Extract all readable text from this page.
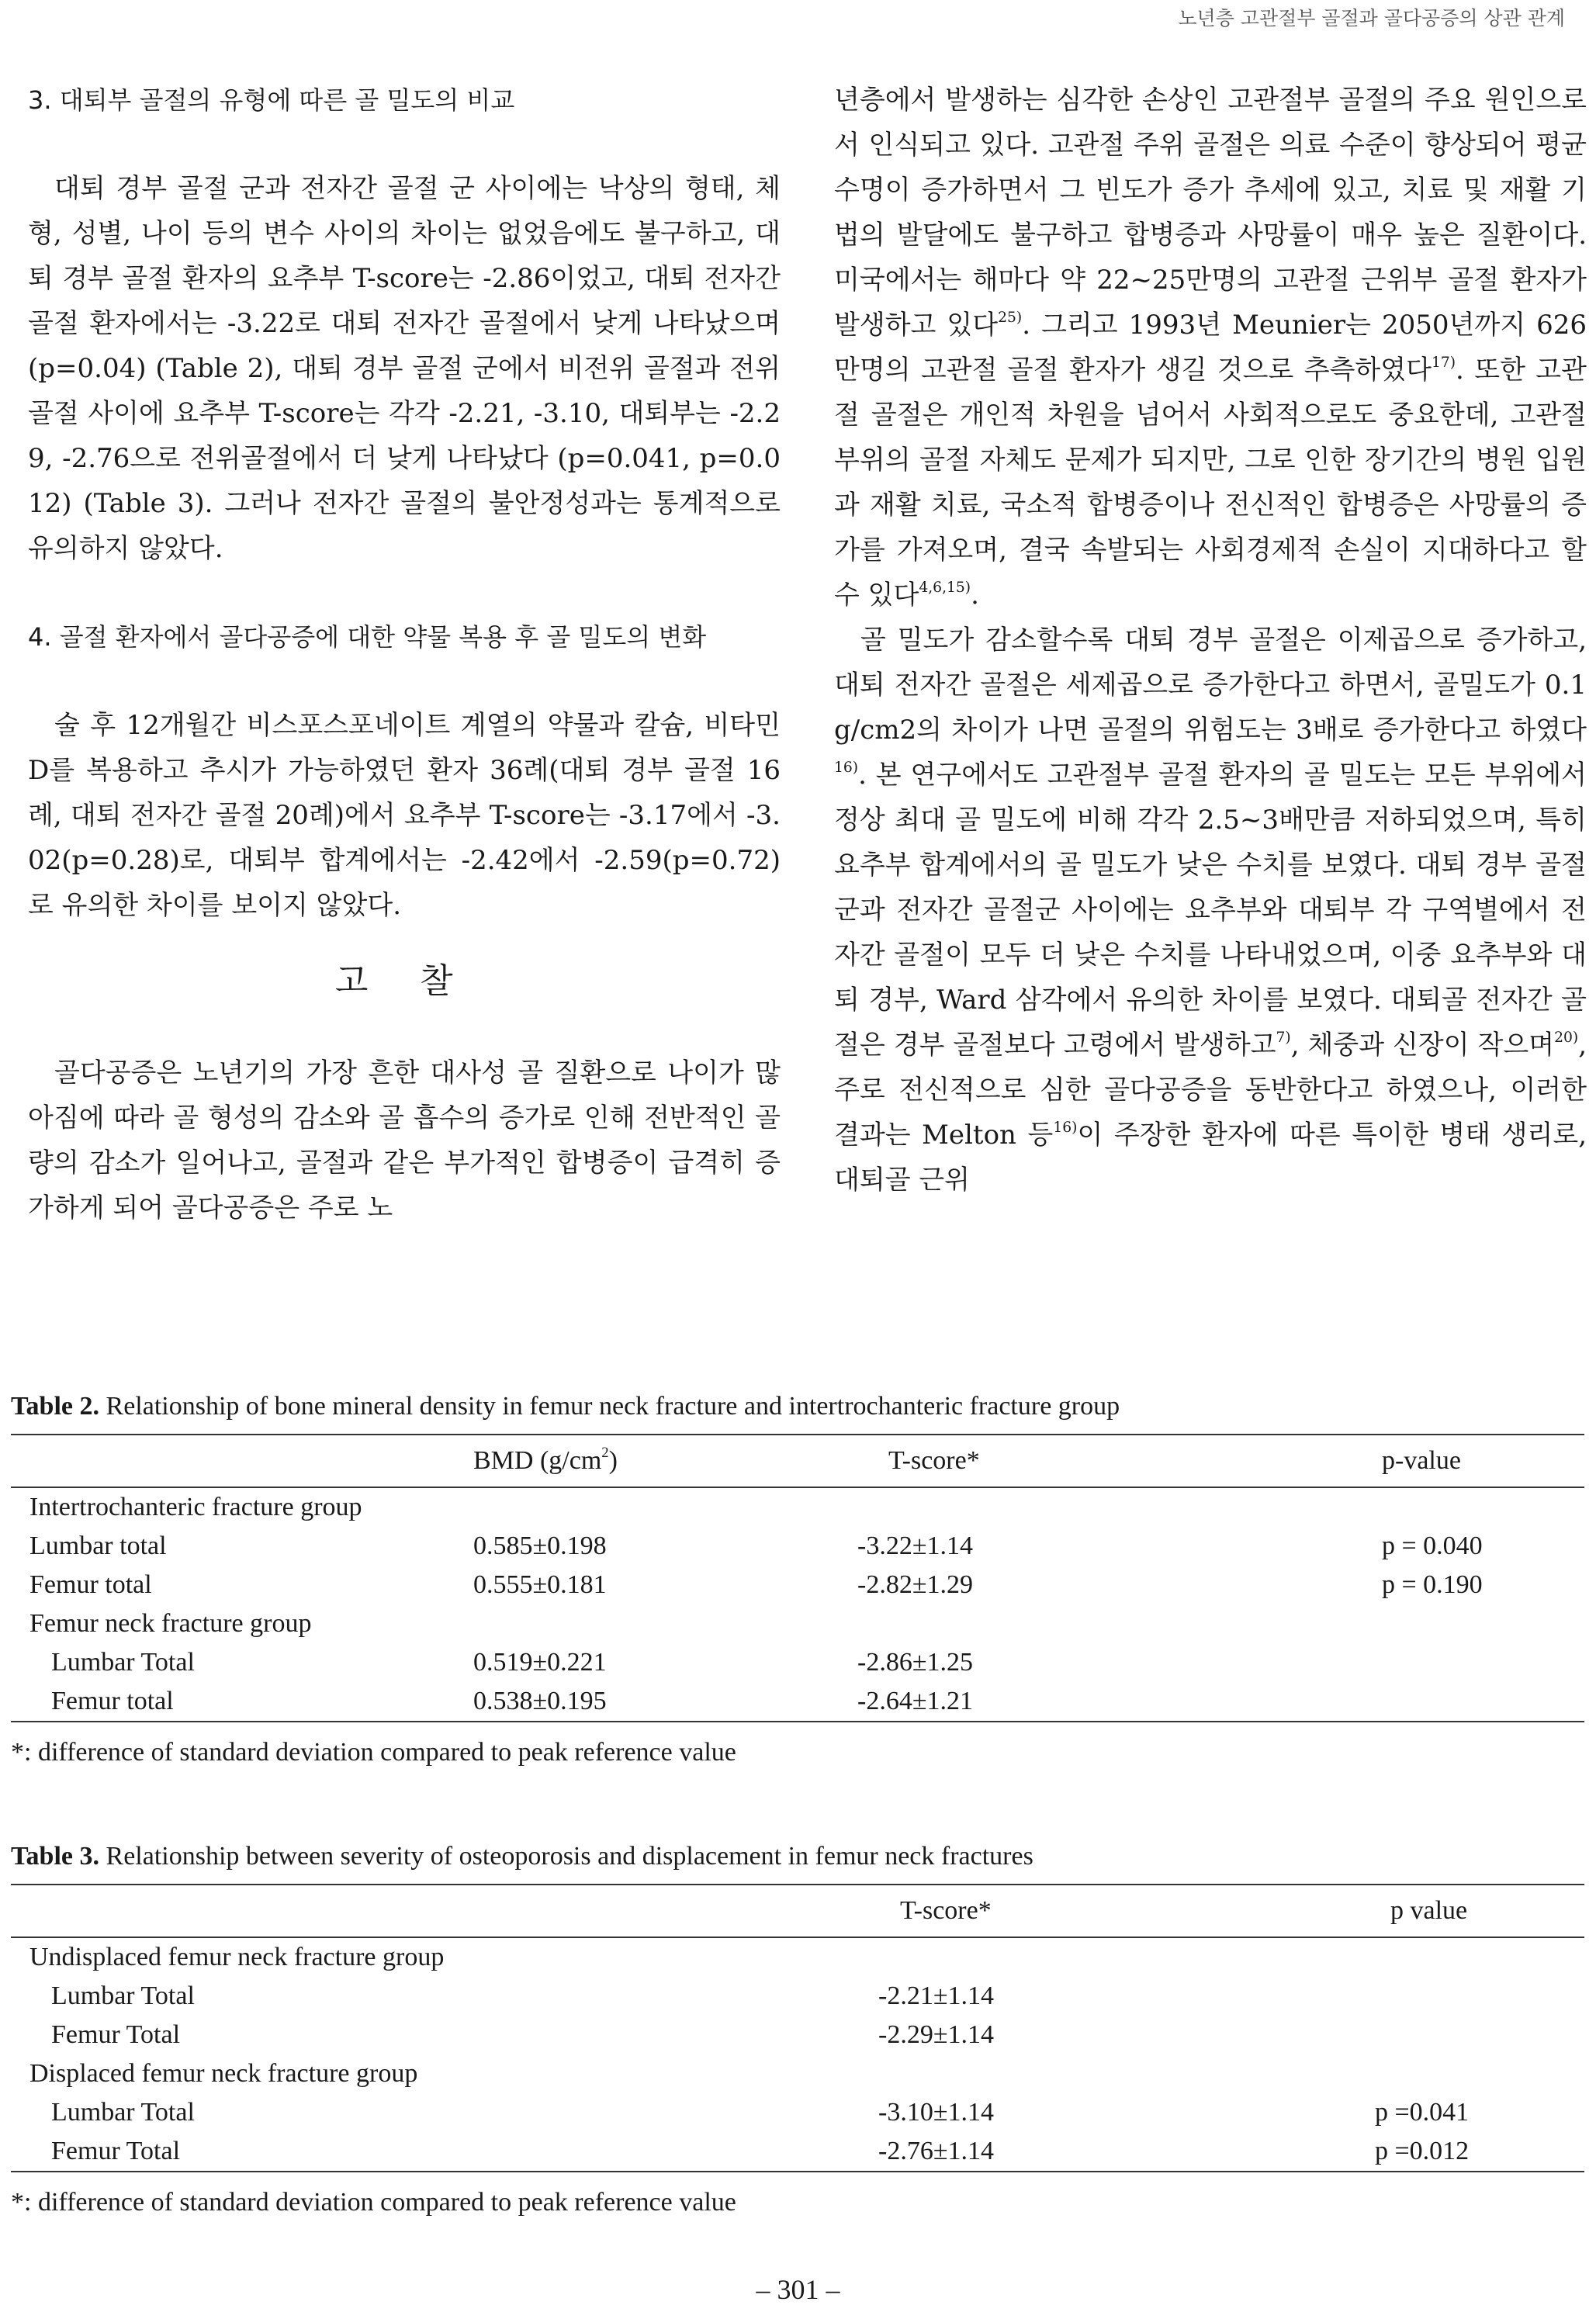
노년층 고관절부 골절과 골다공증의 상관 관계
3. 대퇴부 골절의 유형에 따른 골 밀도의 비교

대퇴 경부 골절 군과 전자간 골절 군 사이에는 낙상의 형태, 체형, 성별, 나이 등의 변수 사이의 차이는 없었음에도 불구하고, 대퇴 경부 골절 환자의 요추부 T-score는 -2.86이었고, 대퇴 전자간 골절 환자에서는 -3.22로 대퇴 전자간 골절에서 낮게 나타났으며(p=0.04) (Table 2), 대퇴 경부 골절 군에서 비전위 골절과 전위 골절 사이에 요추부 T-score는 각각 -2.21, -3.10, 대퇴부는 -2.29, -2.76으로 전위골절에서 더 낮게 나타났다 (p=0.041, p=0.012) (Table 3). 그러나 전자간 골절의 불안정성과는 통계적으로 유의하지 않았다.

4. 골절 환자에서 골다공증에 대한 약물 복용 후 골 밀도의 변화

술 후 12개월간 비스포스포네이트 계열의 약물과 칼슘, 비타민 D를 복용하고 추시가 가능하였던 환자 36례(대퇴 경부 골절 16례, 대퇴 전자간 골절 20례)에서 요추부 T-score는 -3.17에서 -3.02(p=0.28)로, 대퇴부 합계에서는 -2.42에서 -2.59(p=0.72)로 유의한 차이를 보이지 않았다.

고 찰

골다공증은 노년기의 가장 흔한 대사성 골 질환으로 나이가 많아짐에 따라 골 형성의 감소와 골 흡수의 증가로 인해 전반적인 골량의 감소가 일어나고, 골절과 같은 부가적인 합병증이 급격히 증가하게 되어 골다공증은 주로 노

년층에서 발생하는 심각한 손상인 고관절부 골절의 주요 원인으로서 인식되고 있다. 고관절 주위 골절은 의료 수준이 향상되어 평균 수명이 증가하면서 그 빈도가 증가 추세에 있고, 치료 및 재활 기법의 발달에도 불구하고 합병증과 사망률이 매우 높은 질환이다. 미국에서는 해마다 약 22~25만명의 고관절 근위부 골절 환자가 발생하고 있다$^{25)}$. 그리고 1993년 Meunier는 2050년까지 626만명의 고관절 골절 환자가 생길 것으로 추측하였다$^{17)}$. 또한 고관절 골절은 개인적 차원을 넘어서 사회적으로도 중요한데, 고관절 부위의 골절 자체도 문제가 되지만, 그로 인한 장기간의 병원 입원과 재활 치료, 국소적 합병증이나 전신적인 합병증은 사망률의 증가를 가져오며, 결국 속발되는 사회경제적 손실이 지대하다고 할 수 있다$^{4,6,15)}$.

골 밀도가 감소할수록 대퇴 경부 골절은 이제곱으로 증가하고, 대퇴 전자간 골절은 세제곱으로 증가한다고 하면서, 골밀도가 0.1 g/cm2의 차이가 나면 골절의 위험도는 3배로 증가한다고 하였다$^{16)}$. 본 연구에서도 고관절부 골절 환자의 골 밀도는 모든 부위에서 정상 최대 골 밀도에 비해 각각 2.5~3배만큼 저하되었으며, 특히 요추부 합계에서의 골 밀도가 낮은 수치를 보였다. 대퇴 경부 골절 군과 전자간 골절군 사이에는 요추부와 대퇴부 각 구역별에서 전자간 골절이 모두 더 낮은 수치를 나타내었으며, 이중 요추부와 대퇴 경부, Ward 삼각에서 유의한 차이를 보였다. 대퇴골 전자간 골절은 경부 골절보다 고령에서 발생하고$^{7)}$, 체중과 신장이 작으며$^{20)}$, 주로 전신적으로 심한 골다공증을 동반한다고 하였으나, 이러한 결과는 Melton 등$^{16)}$이 주장한 환자에 따른 특이한 병태 생리로, 대퇴골 근위

Table 2. Relationship of bone mineral density in femur neck fracture and intertrochanteric fracture group
	BMD $(g/cm^2)$	T-score*	p-value
Intertrochanteric fracture group			
Lumbar total	0.585±0.198	-3.22±1.14	p = 0.040
Femur total	0.555±0.181	-2.82±1.29	p = 0.190
Femur neck fracture group			
Lumbar Total	0.519±0.221	-2.86±1.25	
Femur total	0.538±0.195	-2.64±1.21	
*: difference of standard deviation compared to peak reference value
Table 3. Relationship between severity of osteoporosis and displacement in femur neck fractures
	T-score*	p value
Undisplaced femur neck fracture group		
Lumbar Total	-2.21±1.14	
Femur Total	-2.29±1.14	
Displaced femur neck fracture group		
Lumbar Total	-3.10±1.14	p =0.041
Femur Total	-2.76±1.14	p =0.012
*: difference of standard deviation compared to peak reference value
– 301 –
